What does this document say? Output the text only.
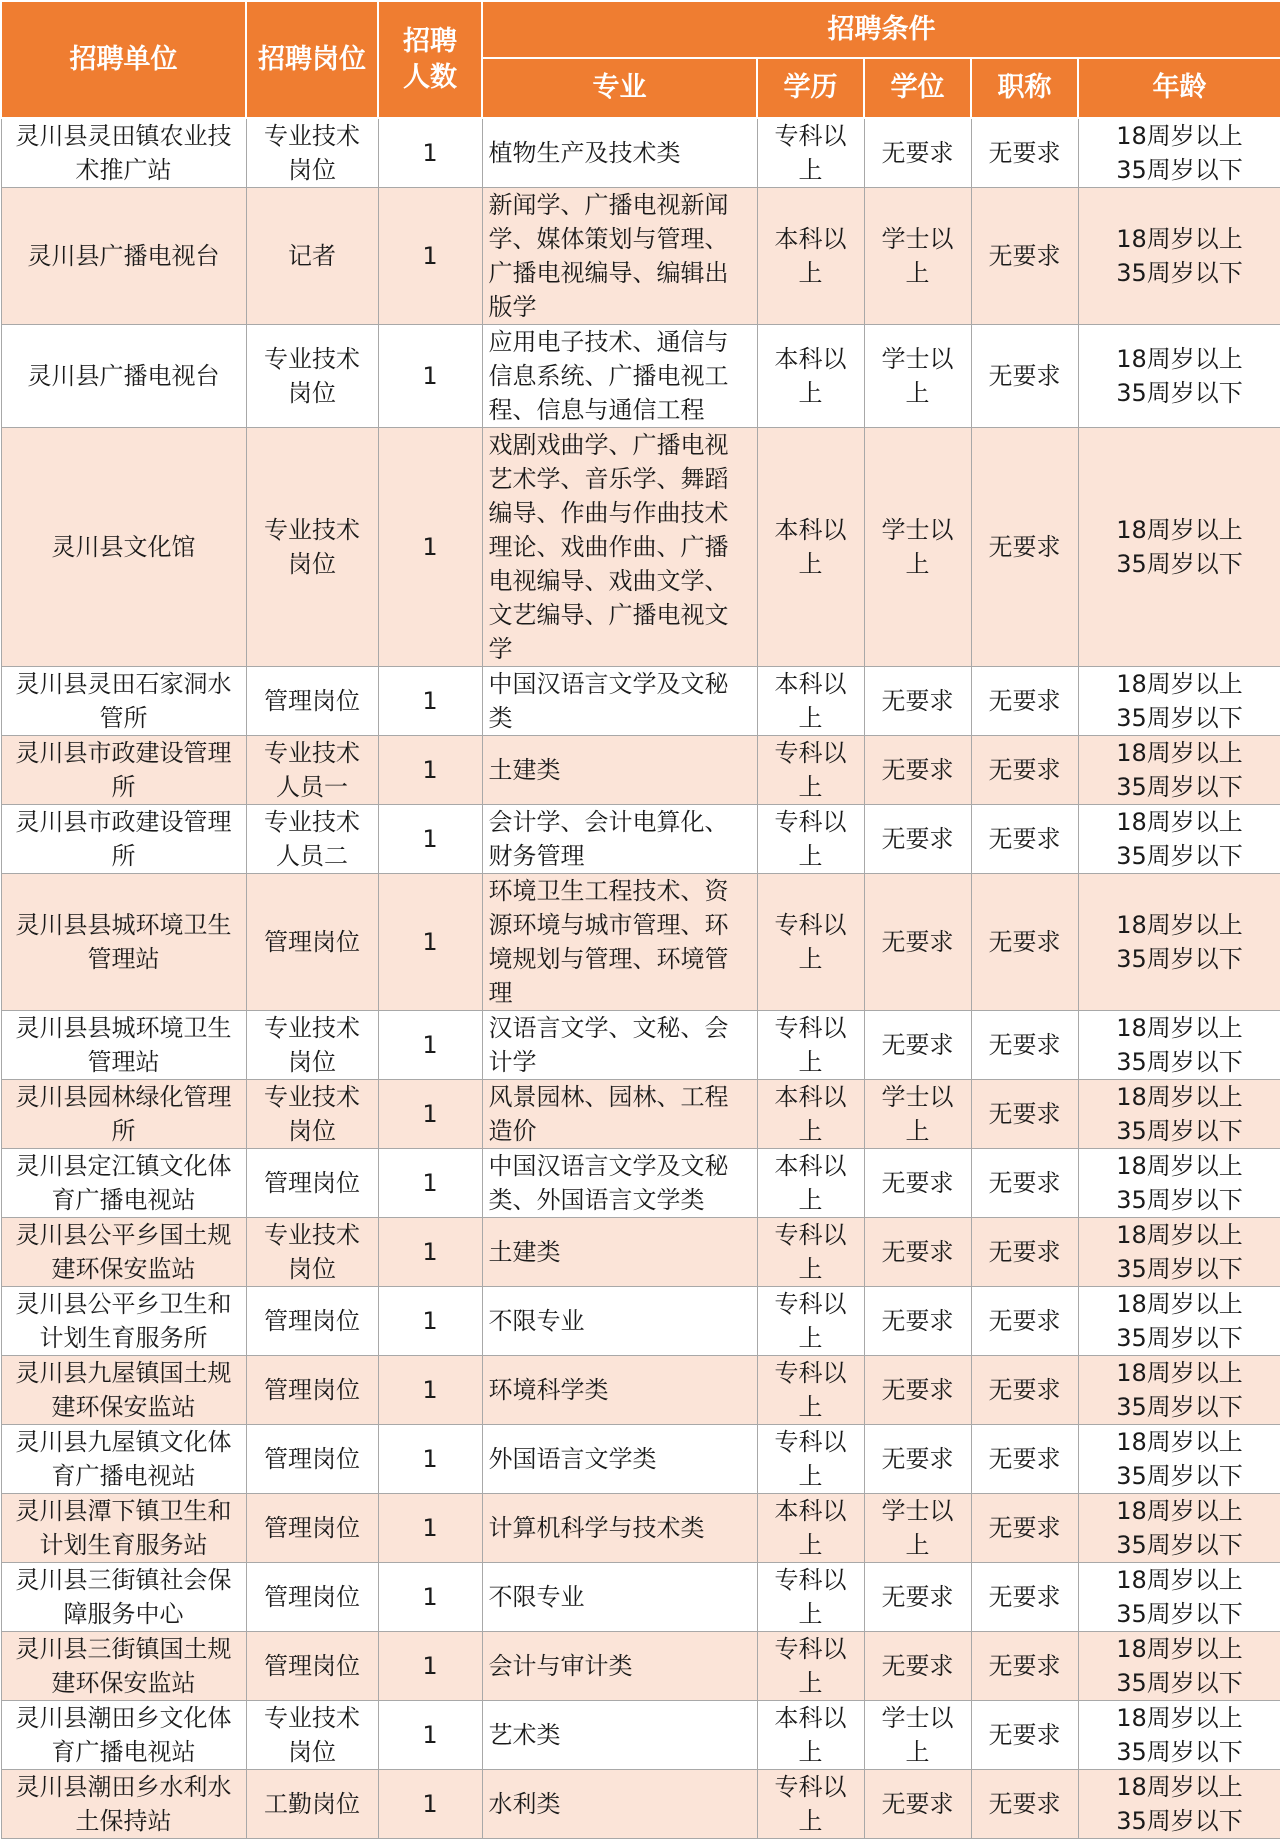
招聘单位	招聘岗位	招聘人数	招聘条件				
			专业	学历	学位	职称	年龄
灵川县灵田镇农业技术推广站	专业技术岗位	1	植物生产及技术类	专科以上	无要求	无要求	18周岁以上
35周岁以下

灵川县广播电视台	记者	1	新闻学、广播电视新闻学、媒体策划与管理、广播电视编导、编辑出版学	本科以上	学士以上	无要求	18周岁以上
35周岁以下

灵川县广播电视台	专业技术岗位	1	应用电子技术、通信与信息系统、广播电视工程、信息与通信工程	本科以上	学士以上	无要求	18周岁以上
35周岁以下

灵川县文化馆	专业技术岗位	1	戏剧戏曲学、广播电视艺术学、音乐学、舞蹈编导、作曲与作曲技术理论、戏曲作曲、广播电视编导、戏曲文学、文艺编导、广播电视文学	本科以上	学士以上	无要求	18周岁以上
35周岁以下

灵川县灵田石家洞水管所	管理岗位	1	中国汉语言文学及文秘类	本科以上	无要求	无要求	18周岁以上
35周岁以下

灵川县市政建设管理所	专业技术人员一	1	土建类	专科以上	无要求	无要求	18周岁以上
35周岁以下

灵川县市政建设管理所	专业技术人员二	1	会计学、会计电算化、财务管理	专科以上	无要求	无要求	18周岁以上
35周岁以下

灵川县县城环境卫生管理站	管理岗位	1	环境卫生工程技术、资源环境与城市管理、环境规划与管理、环境管理	专科以上	无要求	无要求	18周岁以上
35周岁以下

灵川县县城环境卫生管理站	专业技术岗位	1	汉语言文学、文秘、会计学	专科以上	无要求	无要求	18周岁以上
35周岁以下

灵川县园林绿化管理所	专业技术岗位	1	风景园林、园林、工程造价	本科以上	学士以上	无要求	18周岁以上
35周岁以下

灵川县定江镇文化体育广播电视站	管理岗位	1	中国汉语言文学及文秘类、外国语言文学类	本科以上	无要求	无要求	18周岁以上
35周岁以下

灵川县公平乡国土规建环保安监站	专业技术岗位	1	土建类	专科以上	无要求	无要求	18周岁以上
35周岁以下

灵川县公平乡卫生和计划生育服务所	管理岗位	1	不限专业	专科以上	无要求	无要求	18周岁以上
35周岁以下

灵川县九屋镇国土规建环保安监站	管理岗位	1	环境科学类	专科以上	无要求	无要求	18周岁以上
35周岁以下

灵川县九屋镇文化体育广播电视站	管理岗位	1	外国语言文学类	专科以上	无要求	无要求	18周岁以上
35周岁以下

灵川县潭下镇卫生和计划生育服务站	管理岗位	1	计算机科学与技术类	本科以上	学士以上	无要求	18周岁以上
35周岁以下

灵川县三街镇社会保障服务中心	管理岗位	1	不限专业	专科以上	无要求	无要求	18周岁以上
35周岁以下

灵川县三街镇国土规建环保安监站	管理岗位	1	会计与审计类	专科以上	无要求	无要求	18周岁以上
35周岁以下

灵川县潮田乡文化体育广播电视站	专业技术岗位	1	艺术类	本科以上	学士以上	无要求	18周岁以上
35周岁以下

灵川县潮田乡水利水土保持站	工勤岗位	1	水利类	专科以上	无要求	无要求	18周岁以上
35周岁以下
